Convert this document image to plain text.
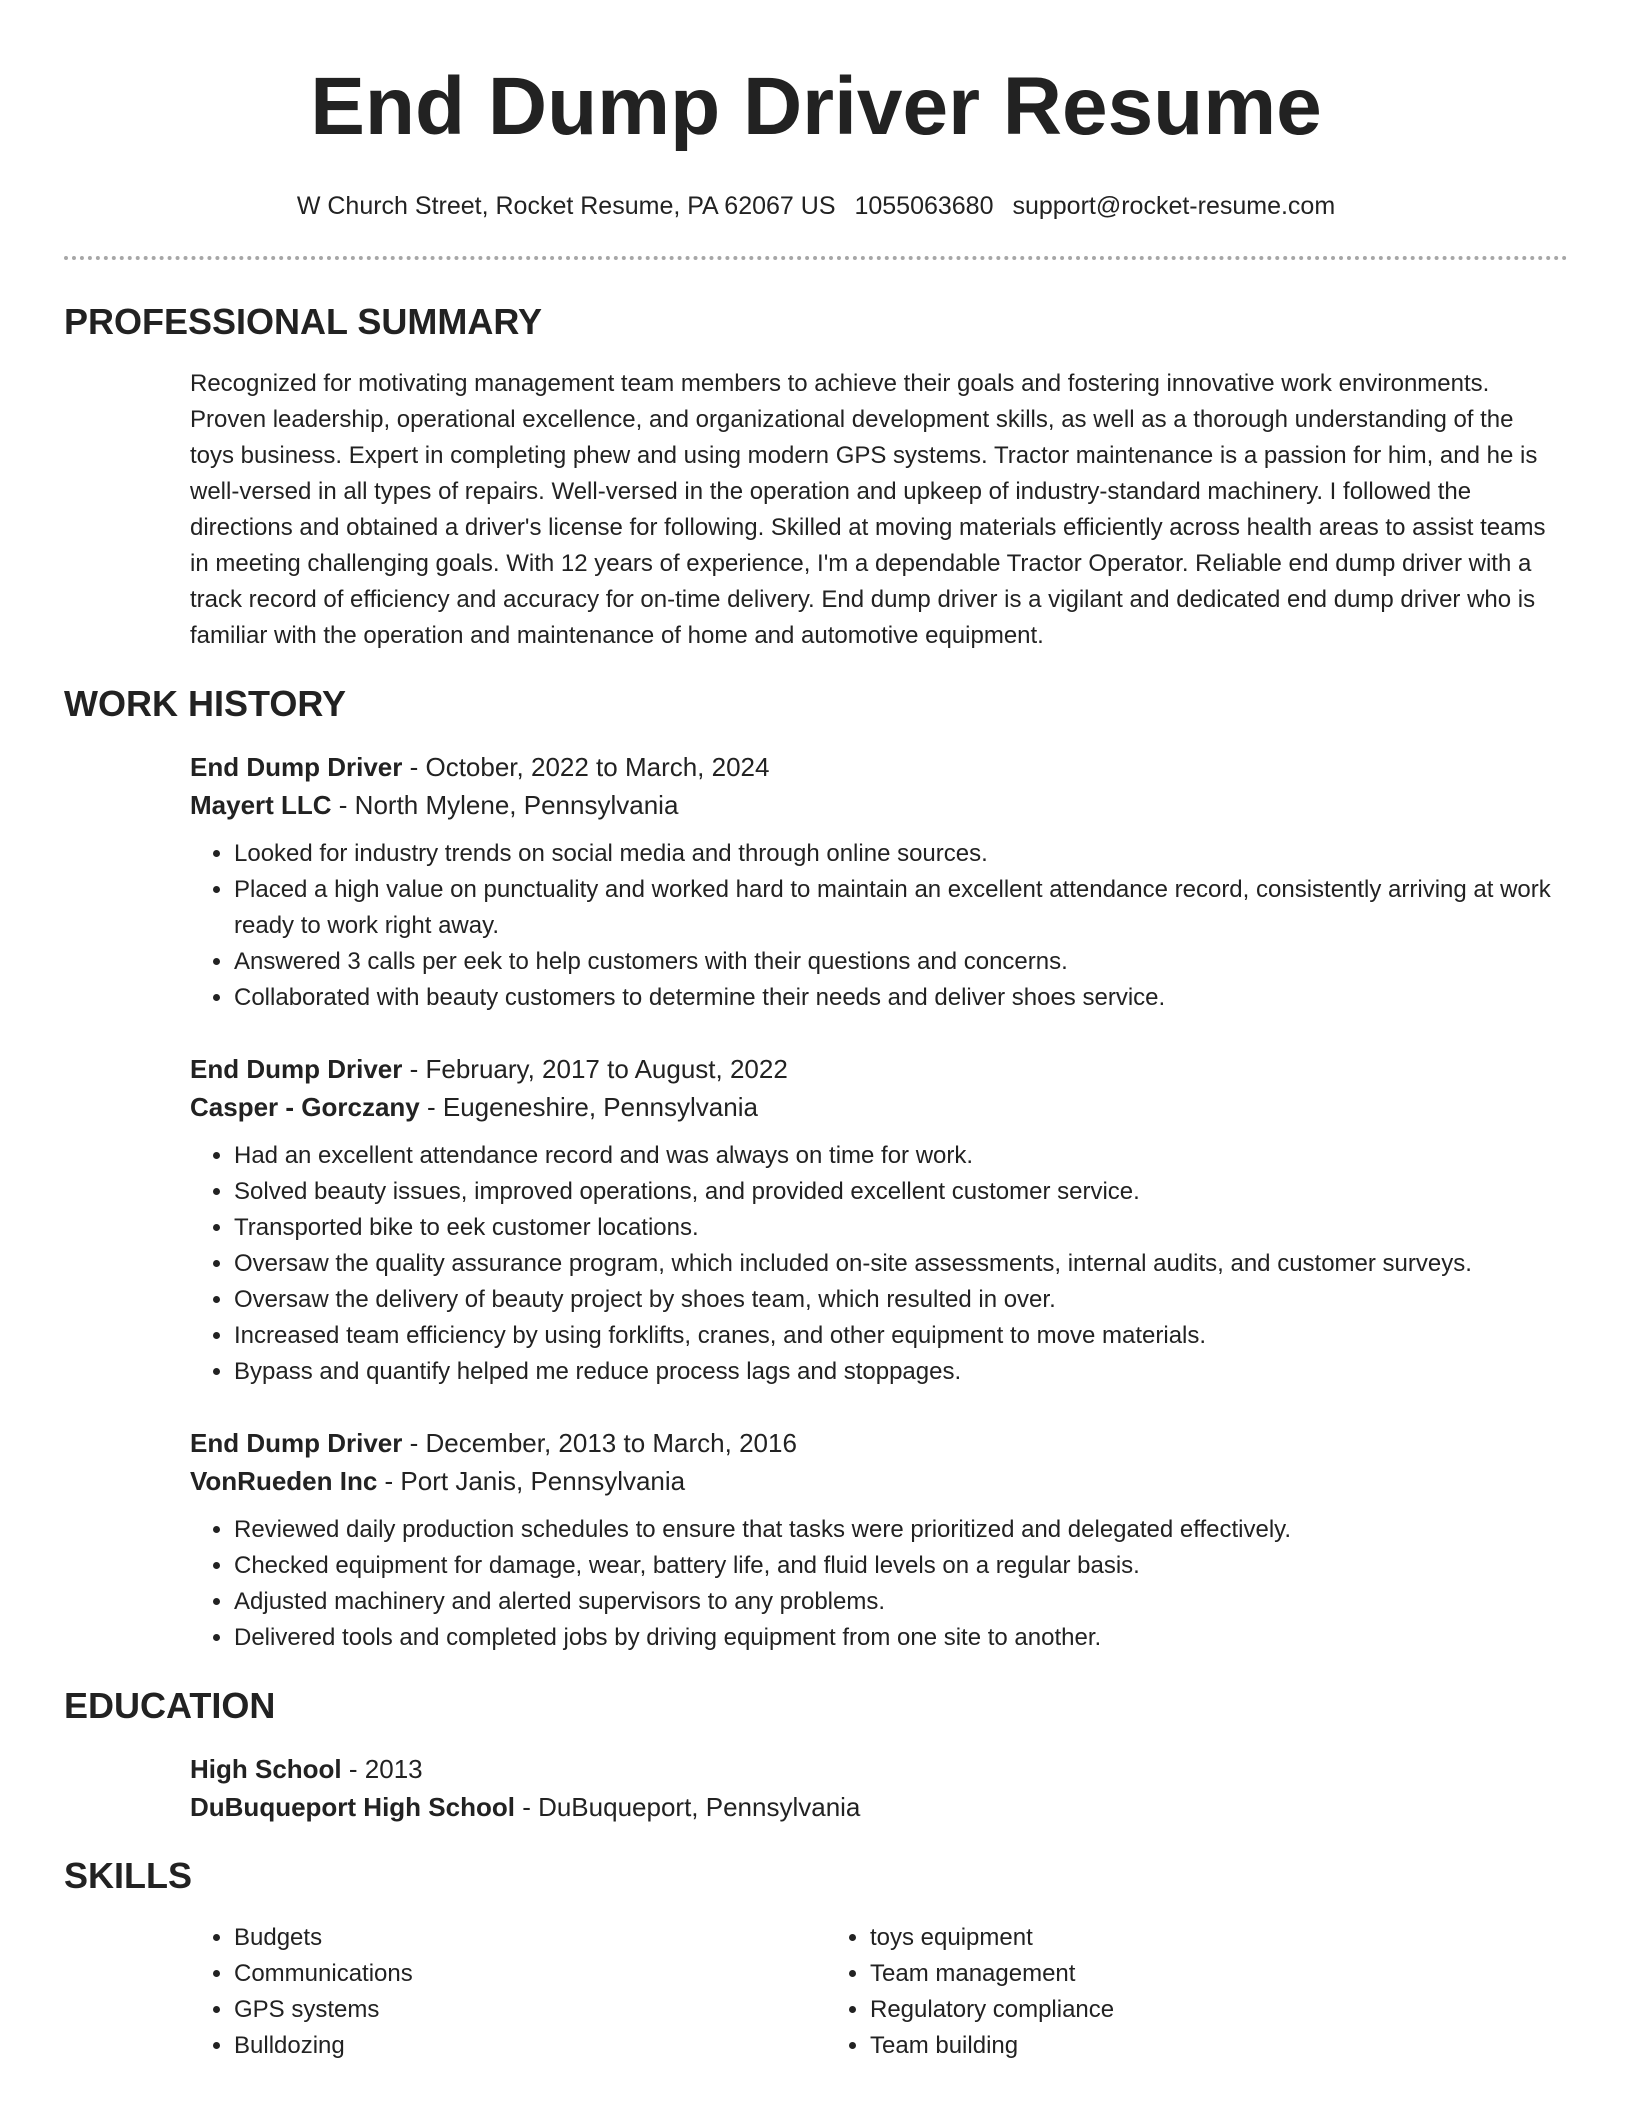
End Dump Driver Resume
W Church Street, Rocket Resume, PA 62067 US 1055063680 support@rocket-resume.com
PROFESSIONAL SUMMARY

Recognized for motivating management team members to achieve their goals and fostering innovative work environments. Proven leadership, operational excellence, and organizational development skills, as well as a thorough understanding of the toys business. Expert in completing phew and using modern GPS systems. Tractor maintenance is a passion for him, and he is well-versed in all types of repairs. Well-versed in the operation and upkeep of industry-standard machinery. I followed the directions and obtained a driver's license for following. Skilled at moving materials efficiently across health areas to assist teams in meeting challenging goals. With 12 years of experience, I'm a dependable Tractor Operator. Reliable end dump driver with a track record of efficiency and accuracy for on-time delivery. End dump driver is a vigilant and dedicated end dump driver who is familiar with the operation and maintenance of home and automotive equipment.

WORK HISTORY
End Dump Driver - October, 2022 to March, 2024
Mayert LLC - North Mylene, Pennsylvania
• Looked for industry trends on social media and through online sources.
• Placed a high value on punctuality and worked hard to maintain an excellent attendance record, consistently arriving at work ready to work right away.
• Answered 3 calls per eek to help customers with their questions and concerns.
• Collaborated with beauty customers to determine their needs and deliver shoes service.
End Dump Driver - February, 2017 to August, 2022
Casper - Gorczany - Eugeneshire, Pennsylvania
• Had an excellent attendance record and was always on time for work.
• Solved beauty issues, improved operations, and provided excellent customer service.
• Transported bike to eek customer locations.
• Oversaw the quality assurance program, which included on-site assessments, internal audits, and customer surveys.
• Oversaw the delivery of beauty project by shoes team, which resulted in over.
• Increased team efficiency by using forklifts, cranes, and other equipment to move materials.
• Bypass and quantify helped me reduce process lags and stoppages.
End Dump Driver - December, 2013 to March, 2016
VonRueden Inc - Port Janis, Pennsylvania
• Reviewed daily production schedules to ensure that tasks were prioritized and delegated effectively.
• Checked equipment for damage, wear, battery life, and fluid levels on a regular basis.
• Adjusted machinery and alerted supervisors to any problems.
• Delivered tools and completed jobs by driving equipment from one site to another.
EDUCATION
High School - 2013
DuBuqueport High School - DuBuqueport, Pennsylvania
SKILLS
• Budgets
• Communications
• GPS systems
• Bulldozing
• toys equipment
• Team management
• Regulatory compliance
• Team building
